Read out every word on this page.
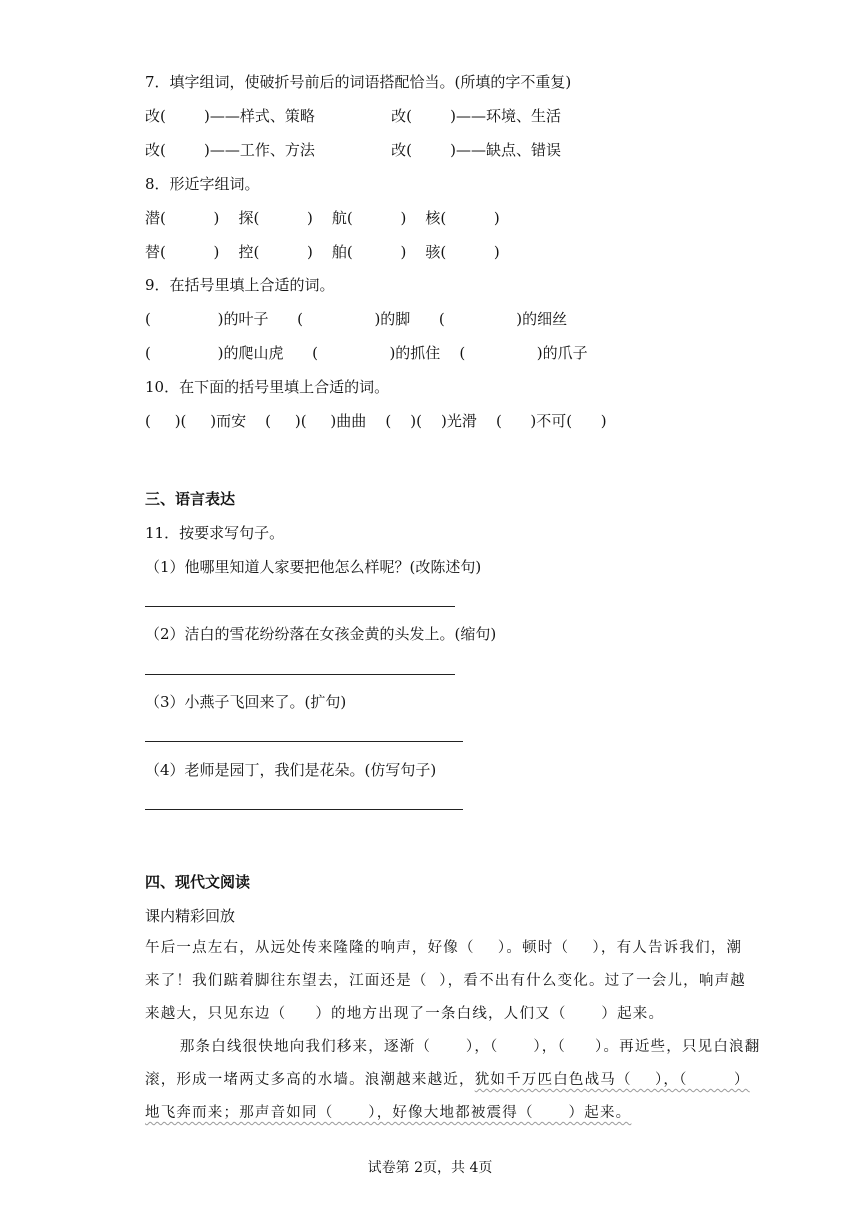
7．填字组词，使破折号前后的词语搭配恰当。(所填的字不重复)
改(        )——样式、策略                改(        )——环境、生活
改(        )——工作、方法                改(        )——缺点、错误
8．形近字组词。
潜(          )    探(          )    航(          )    核(          )
替(          )    控(          )    舶(          )    骇(          )
9．在括号里填上合适的词。
(              )的叶子      (               )的脚      (               )的细丝
(              )的爬山虎      (               )的抓住    (               )的爪子
10．在下面的括号里填上合适的词。
(     )(     )而安    (     )(     )曲曲    (    )(    )光滑    (      )不可(      )
三、语言表达
11．按要求写句子。
（1）他哪里知道人家要把他怎么样呢？(改陈述句)
（2）洁白的雪花纷纷落在女孩金黄的头发上。(缩句)
（3）小燕子飞回来了。(扩句)
（4）老师是园丁，我们是花朵。(仿写句子)
四、现代文阅读
课内精彩回放
午后一点左右，从远处传来隆隆的响声，好像（    ）。顿时（    ），有人告诉我们，潮
来了！我们踮着脚往东望去，江面还是（  ），看不出有什么变化。过了一会儿，响声越
来越大，只见东边（     ）的地方出现了一条白线，人们又（      ）起来。
那条白线很快地向我们移来，逐渐（      ），（      ），（     ）。再近些，只见白浪翻
滚，形成一堵两丈多高的水墙。浪潮越来越近，犹如千万匹白色战马（    ），（        ）
地飞奔而来；那声音如同（      ），好像大地都被震得（      ）起来。
试卷第 2页，共 4页
